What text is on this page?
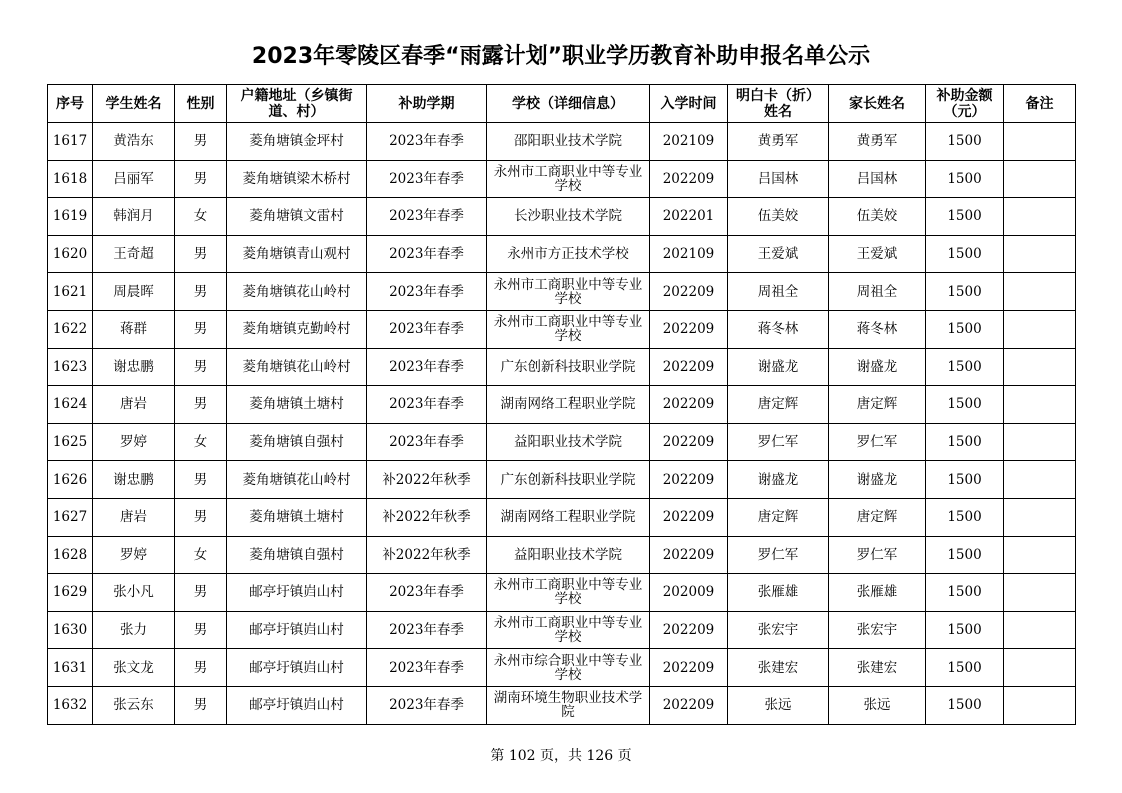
2023年零陵区春季“雨露计划”职业学历教育补助申报名单公示
序号	学生姓名	性别	户籍地址（乡镇街道、村）	补助学期	学校（详细信息）	入学时间	明白卡（折）姓名	家长姓名	补助金额（元）	备注
1617	黄浩东	男	菱角塘镇金坪村	2023年春季	邵阳职业技术学院	202109	黄勇军	黄勇军	1500	
1618	吕丽军	男	菱角塘镇梁木桥村	2023年春季	永州市工商职业中等专业学校	202209	吕国林	吕国林	1500	
1619	韩润月	女	菱角塘镇文雷村	2023年春季	长沙职业技术学院	202201	伍美姣	伍美姣	1500	
1620	王奇超	男	菱角塘镇青山观村	2023年春季	永州市方正技术学校	202109	王爱斌	王爱斌	1500	
1621	周晨晖	男	菱角塘镇花山岭村	2023年春季	永州市工商职业中等专业学校	202209	周祖全	周祖全	1500	
1622	蒋群	男	菱角塘镇克勤岭村	2023年春季	永州市工商职业中等专业学校	202209	蒋冬林	蒋冬林	1500	
1623	谢忠鹏	男	菱角塘镇花山岭村	2023年春季	广东创新科技职业学院	202209	谢盛龙	谢盛龙	1500	
1624	唐岩	男	菱角塘镇土塘村	2023年春季	湖南网络工程职业学院	202209	唐定辉	唐定辉	1500	
1625	罗婷	女	菱角塘镇自强村	2023年春季	益阳职业技术学院	202209	罗仁军	罗仁军	1500	
1626	谢忠鹏	男	菱角塘镇花山岭村	补2022年秋季	广东创新科技职业学院	202209	谢盛龙	谢盛龙	1500	
1627	唐岩	男	菱角塘镇土塘村	补2022年秋季	湖南网络工程职业学院	202209	唐定辉	唐定辉	1500	
1628	罗婷	女	菱角塘镇自强村	补2022年秋季	益阳职业技术学院	202209	罗仁军	罗仁军	1500	
1629	张小凡	男	邮亭圩镇岿山村	2023年春季	永州市工商职业中等专业学校	202009	张雁雄	张雁雄	1500	
1630	张力	男	邮亭圩镇岿山村	2023年春季	永州市工商职业中等专业学校	202209	张宏宇	张宏宇	1500	
1631	张文龙	男	邮亭圩镇岿山村	2023年春季	永州市综合职业中等专业学校	202209	张建宏	张建宏	1500	
1632	张云东	男	邮亭圩镇岿山村	2023年春季	湖南环境生物职业技术学院	202209	张远	张远	1500	
第 102 页，共 126 页
